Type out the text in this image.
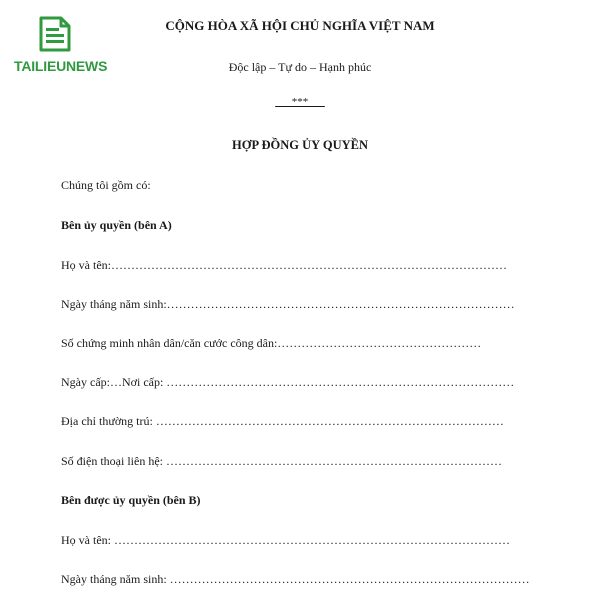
TAILIEUNEWS
CỘNG HÒA XÃ HỘI CHỦ NGHĨA VIỆT NAM
Độc lập – Tự do – Hạnh phúc
___***___
HỢP ĐỒNG ỦY QUYỀN
Chúng tôi gồm có:
Bên ủy quyền (bên A)
Họ và tên:………………………………………………………………………………………
Ngày tháng năm sinh:……………………………………………………………………………
Số chứng minh nhân dân/căn cước công dân:……………………………………………
Ngày cấp:…Nơi cấp: ……………………………………………………………………………
Địa chỉ thường trú: ……………………………………………………………………………
Số điện thoại liên hệ: …………………………………………………………………………
Bên được ủy quyền (bên B)
Họ và tên: ………………………………………………………………………………………
Ngày tháng năm sinh: ………………………………………………………………………………
